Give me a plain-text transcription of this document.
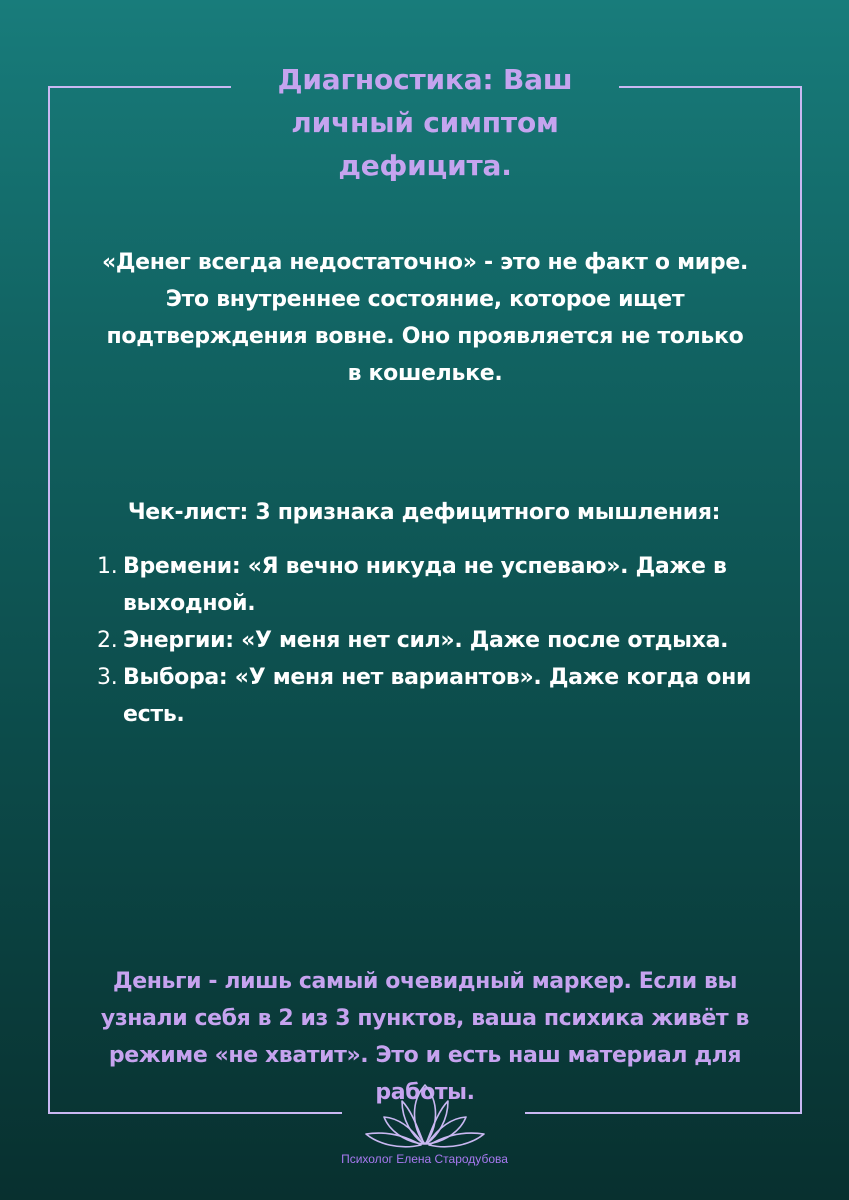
Диагностика: Ваш личный симптом дефицита.

«Денег всегда недостаточно» - это не факт о мире. Это внутреннее состояние, которое ищет подтверждения вовне. Оно проявляется не только в кошельке.

Чек-лист: 3 признака дефицитного мышления:
1. Времени: «Я вечно никуда не успеваю». Даже в выходной.
2. Энергии: «У меня нет сил». Даже после отдыха.
3. Выбора: «У меня нет вариантов». Даже когда они есть.

Деньги - лишь самый очевидный маркер. Если вы узнали себя в 2 из 3 пунктов, ваша психика живёт в режиме «не хватит». Это и есть наш материал для работы.

Психолог Елена Стародубова
